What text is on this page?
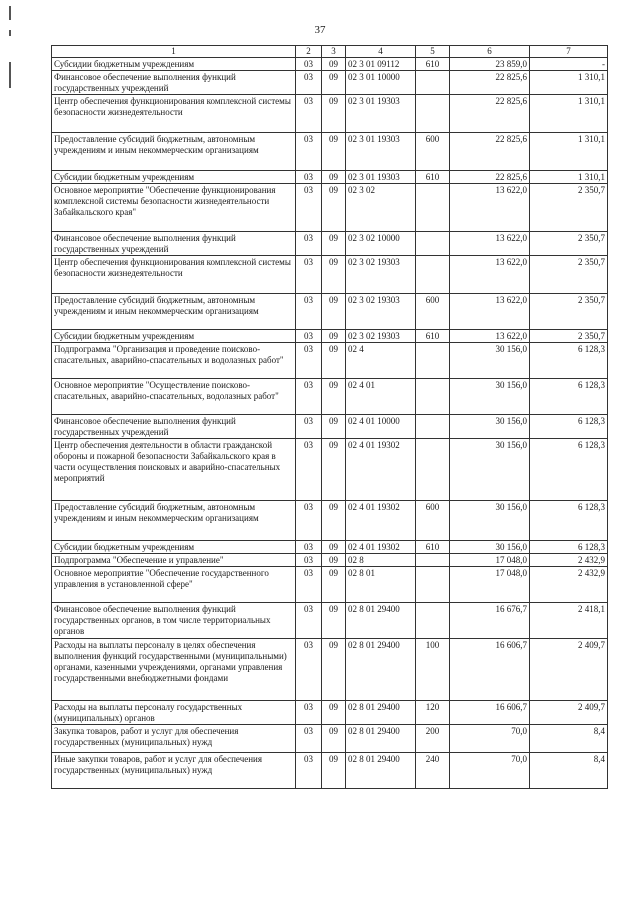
37
1	2	3	4	5	6	7
Субсидии бюджетным учреждениям	03	09	02 3 01 09112	610	23 859,0	-
Финансовое обеспечение выполнения функций государственных учреждений	03	09	02 3 01 10000		22 825,6	1 310,1
Центр обеспечения функционирования комплексной системы безопасности жизнедеятельности	03	09	02 3 01 19303		22 825,6	1 310,1
Предоставление субсидий бюджетным, автономным учреждениям и иным некоммерческим организациям	03	09	02 3 01 19303	600	22 825,6	1 310,1
Субсидии бюджетным учреждениям	03	09	02 3 01 19303	610	22 825,6	1 310,1
Основное мероприятие "Обеспечение функционирования комплексной системы безопасности жизнедеятельности Забайкальского края"	03	09	02 3 02		13 622,0	2 350,7
Финансовое обеспечение выполнения функций государственных учреждений	03	09	02 3 02 10000		13 622,0	2 350,7
Центр обеспечения функционирования комплексной системы безопасности жизнедеятельности	03	09	02 3 02 19303		13 622,0	2 350,7
Предоставление субсидий бюджетным, автономным учреждениям и иным некоммерческим организациям	03	09	02 3 02 19303	600	13 622,0	2 350,7
Субсидии бюджетным учреждениям	03	09	02 3 02 19303	610	13 622,0	2 350,7
Подпрограмма "Организация и проведение поисково-спасательных, аварийно-спасательных и водолазных работ"	03	09	02 4		30 156,0	6 128,3
Основное мероприятие "Осуществление поисково-спасательных, аварийно-спасательных, водолазных работ"	03	09	02 4 01		30 156,0	6 128,3
Финансовое обеспечение выполнения функций государственных учреждений	03	09	02 4 01 10000		30 156,0	6 128,3
Центр обеспечения деятельности в области гражданской обороны и пожарной безопасности Забайкальского края в части осуществления поисковых и аварийно-спасательных мероприятий	03	09	02 4 01 19302		30 156,0	6 128,3
Предоставление субсидий бюджетным, автономным учреждениям и иным некоммерческим организациям	03	09	02 4 01 19302	600	30 156,0	6 128,3
Субсидии бюджетным учреждениям	03	09	02 4 01 19302	610	30 156,0	6 128,3
Подпрограмма "Обеспечение и управление"	03	09	02 8		17 048,0	2 432,9
Основное мероприятие "Обеспечение государственного управления в установленной сфере"	03	09	02 8 01		17 048,0	2 432,9
Финансовое обеспечение выполнения функций государственных органов, в том числе территориальных органов	03	09	02 8 01 29400		16 676,7	2 418,1
Расходы на выплаты персоналу в целях обеспечения выполнения функций государственными (муниципальными) органами, казенными учреждениями, органами управления государственными внебюджетными фондами	03	09	02 8 01 29400	100	16 606,7	2 409,7
Расходы на выплаты персоналу государственных (муниципальных) органов	03	09	02 8 01 29400	120	16 606,7	2 409,7
Закупка товаров, работ и услуг для обеспечения государственных (муниципальных) нужд	03	09	02 8 01 29400	200	70,0	8,4
Иные закупки товаров, работ и услуг для обеспечения государственных (муниципальных) нужд	03	09	02 8 01 29400	240	70,0	8,4
